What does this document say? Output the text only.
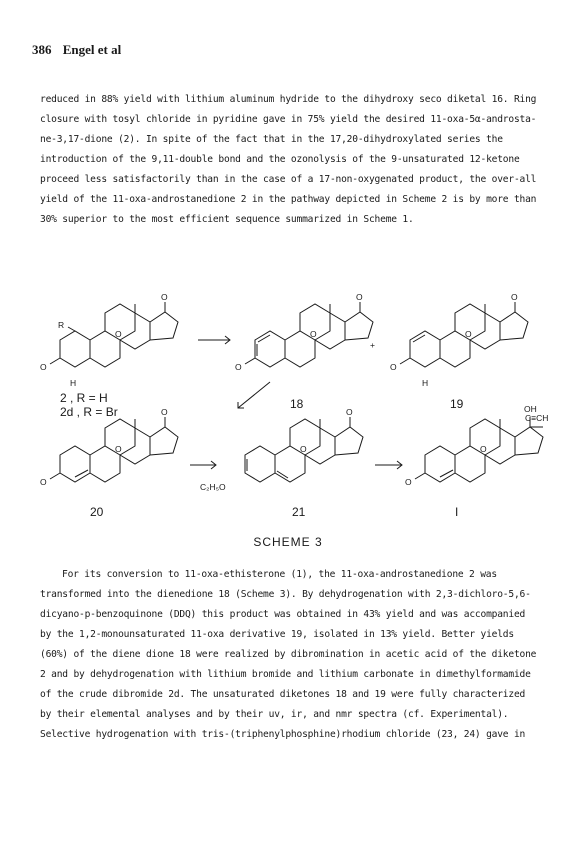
386 Engel et al

reduced in 88% yield with lithium aluminum hydride to the dihydroxy seco diketal 16. Ring

closure with tosyl chloride in pyridine gave in 75% yield the desired 11-oxa-5α-androsta-

ne-3,17-dione (2). In spite of the fact that in the 17,20-dihydroxylated series the

introduction of the 9,11-double bond and the ozonolysis of the 9-unsaturated 12-ketone

proceed less satisfactorily than in the case of a 17-non-oxygenated product, the over-all

yield of the 11-oxa-androstanedione 2 in the pathway depicted in Scheme 2 is by more than

30% superior to the most efficient sequence summarized in Scheme 1.

O
O
O
R
H
O
O
O
+
O
O
O
H
O
O
O
O
O
C₂H₅O
C≡CH
OH
O
O
2 , R = H
2d , R = Br
18	19
20	21	I
SCHEME 3

For its conversion to 11-oxa-ethisterone (1), the 11-oxa-androstanedione 2 was

transformed into the dienedione 18 (Scheme 3). By dehydrogenation with 2,3-dichloro-5,6-

dicyano-p-benzoquinone (DDQ) this product was obtained in 43% yield and was accompanied

by the 1,2-monounsaturated 11-oxa derivative 19, isolated in 13% yield. Better yields

(60%) of the diene dione 18 were realized by dibromination in acetic acid of the diketone

2 and by dehydrogenation with lithium bromide and lithium carbonate in dimethylformamide

of the crude dibromide 2d. The unsaturated diketones 18 and 19 were fully characterized

by their elemental analyses and by their uv, ir, and nmr spectra (cf. Experimental).

Selective hydrogenation with tris-(triphenylphosphine)rhodium chloride (23, 24) gave in
